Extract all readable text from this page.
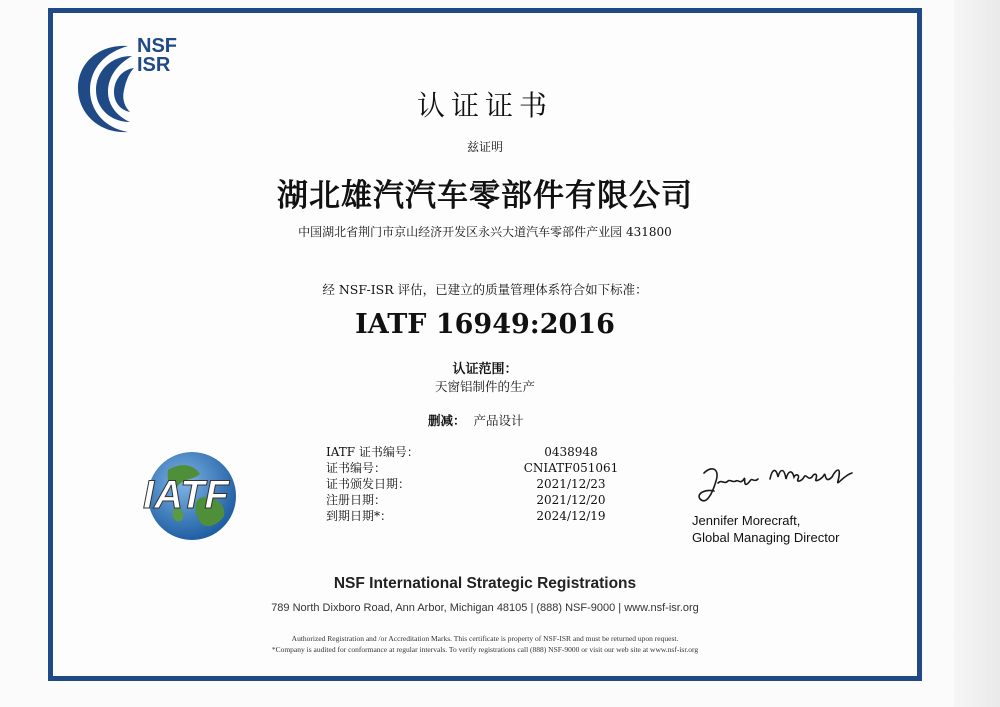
NSF
ISR
认证证书
兹证明
湖北雄汽汽车零部件有限公司
中国湖北省荆门市京山经济开发区永兴大道汽车零部件产业园 431800
经 NSF-ISR 评估，已建立的质量管理体系符合如下标准：
IATF 16949:2016
认证范围：
天窗铝制件的生产
删减： 产品设计
IATF 证书编号：	0438948
证书编号：	CNIATF051061
证书颁发日期：	2021/12/23
注册日期：	2021/12/20
到期日期*：	2024/12/19
IATF
Jennifer Morecraft,
Global Managing Director
NSF International Strategic Registrations
789 North Dixboro Road, Ann Arbor, Michigan 48105 | (888) NSF-9000 | www.nsf-isr.org
Authorized Registration and /or Accreditation Marks. This certificate is property of NSF-ISR and must be returned upon request.
*Company is audited for conformance at regular intervals. To verify registrations call (888) NSF-9000 or visit our web site at www.nsf-isr.org
